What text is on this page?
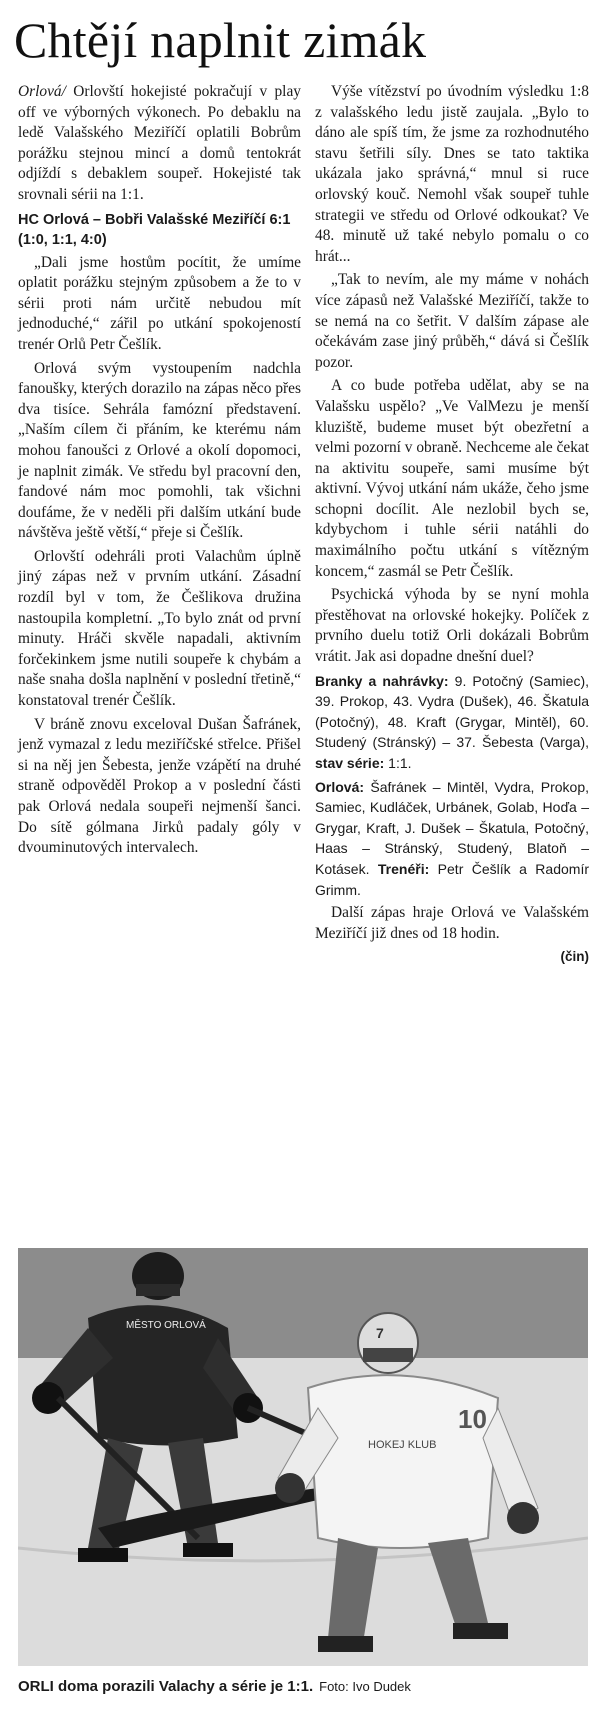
Chtějí naplnit zimák

Orlová/ Orlovští hokejisté pokračují v play off ve výborných výkonech. Po debaklu na ledě Valašského Meziříčí oplatili Bobrům porážku stejnou mincí a domů tentokrát odjíždí s debaklem soupeř. Hokejisté tak srovnali sérii na 1:1.

HC Orlová – Bobři Valašské Meziříčí 6:1 (1:0, 1:1, 4:0)

„Dali jsme hostům pocítit, že umíme oplatit porážku stejným způsobem a že to v sérii proti nám určitě nebudou mít jednoduché,“ zářil po utkání spokojeností trenér Orlů Petr Češlík.

Orlová svým vystoupením nadchla fanoušky, kterých dorazilo na zápas něco přes dva tisíce. Sehrála famózní představení. „Naším cílem či přáním, ke kterému nám mohou fanoušci z Orlové a okolí dopomoci, je naplnit zimák. Ve středu byl pracovní den, fandové nám moc pomohli, tak všichni doufáme, že v neděli při dalším utkání bude návštěva ještě větší,“ přeje si Češlík.

Orlovští odehráli proti Valachům úplně jiný zápas než v prvním utkání. Zásadní rozdíl byl v tom, že Češlikova družina nastoupila kompletní. „To bylo znát od první minuty. Hráči skvěle napadali, aktivním forčekinkem jsme nutili soupeře k chybám a naše snaha došla naplnění v poslední třetině,“ konstatoval trenér Češlík.

V bráně znovu exceloval Dušan Šafránek, jenž vymazal z ledu meziříčské střelce. Přišel si na něj jen Šebesta, jenže vzápětí na druhé straně odpověděl Prokop a v poslední části pak Orlová nedala soupeři nejmenší šanci. Do sítě gólmana Jirků padaly góly v dvouminutových intervalech.

Výše vítězství po úvodním výsledku 1:8 z valašského ledu jistě zaujala. „Bylo to dáno ale spíš tím, že jsme za rozhodnutého stavu šetřili síly. Dnes se tato taktika ukázala jako správná,“ mnul si ruce orlovský kouč. Nemohl však soupeř tuhle strategii ve středu od Orlové odkoukat? Ve 48. minutě už také nebylo pomalu o co hrát...

„Tak to nevím, ale my máme v nohách více zápasů než Valašské Meziříčí, takže to se nemá na co šetřit. V dalším zápase ale očekávám zase jiný průběh,“ dává si Češlík pozor.

A co bude potřeba udělat, aby se na Valašsku uspělo? „Ve ValMezu je menší kluziště, budeme muset být obezřetní a velmi pozorní v obraně. Nechceme ale čekat na aktivitu soupeře, sami musíme být aktivní. Vývoj utkání nám ukáže, čeho jsme schopni docílit. Ale nezlobil bych se, kdybychom i tuhle sérii natáhli do maximálního počtu utkání s vítězným koncem,“ zasmál se Petr Češlík.

Psychická výhoda by se nyní mohla přestěhovat na orlovské hokejky. Políček z prvního duelu totiž Orli dokázali Bobrům vrátit. Jak asi dopadne dnešní duel?

Branky a nahrávky: 9. Potočný (Samiec), 39. Prokop, 43. Vydra (Dušek), 46. Škatula (Potočný), 48. Kraft (Grygar, Mintěl), 60. Studený (Stránský) – 37. Šebesta (Varga), stav série: 1:1.

Orlová: Šafránek – Mintěl, Vydra, Prokop, Samiec, Kudláček, Urbánek, Golab, Hoďa – Grygar, Kraft, J. Dušek – Škatula, Potočný, Haas – Stránský, Studený, Blatoň – Kotásek. Trenéři: Petr Češlík a Radomír Grimm.

Další zápas hraje Orlová ve Valašském Meziříčí již dnes od 18 hodin.

(čin)
MĚSTO ORLOVÁ	7
HOKEJ KLUB
10
ORLI doma porazili Valachy a série je 1:1. Foto: Ivo Dudek
